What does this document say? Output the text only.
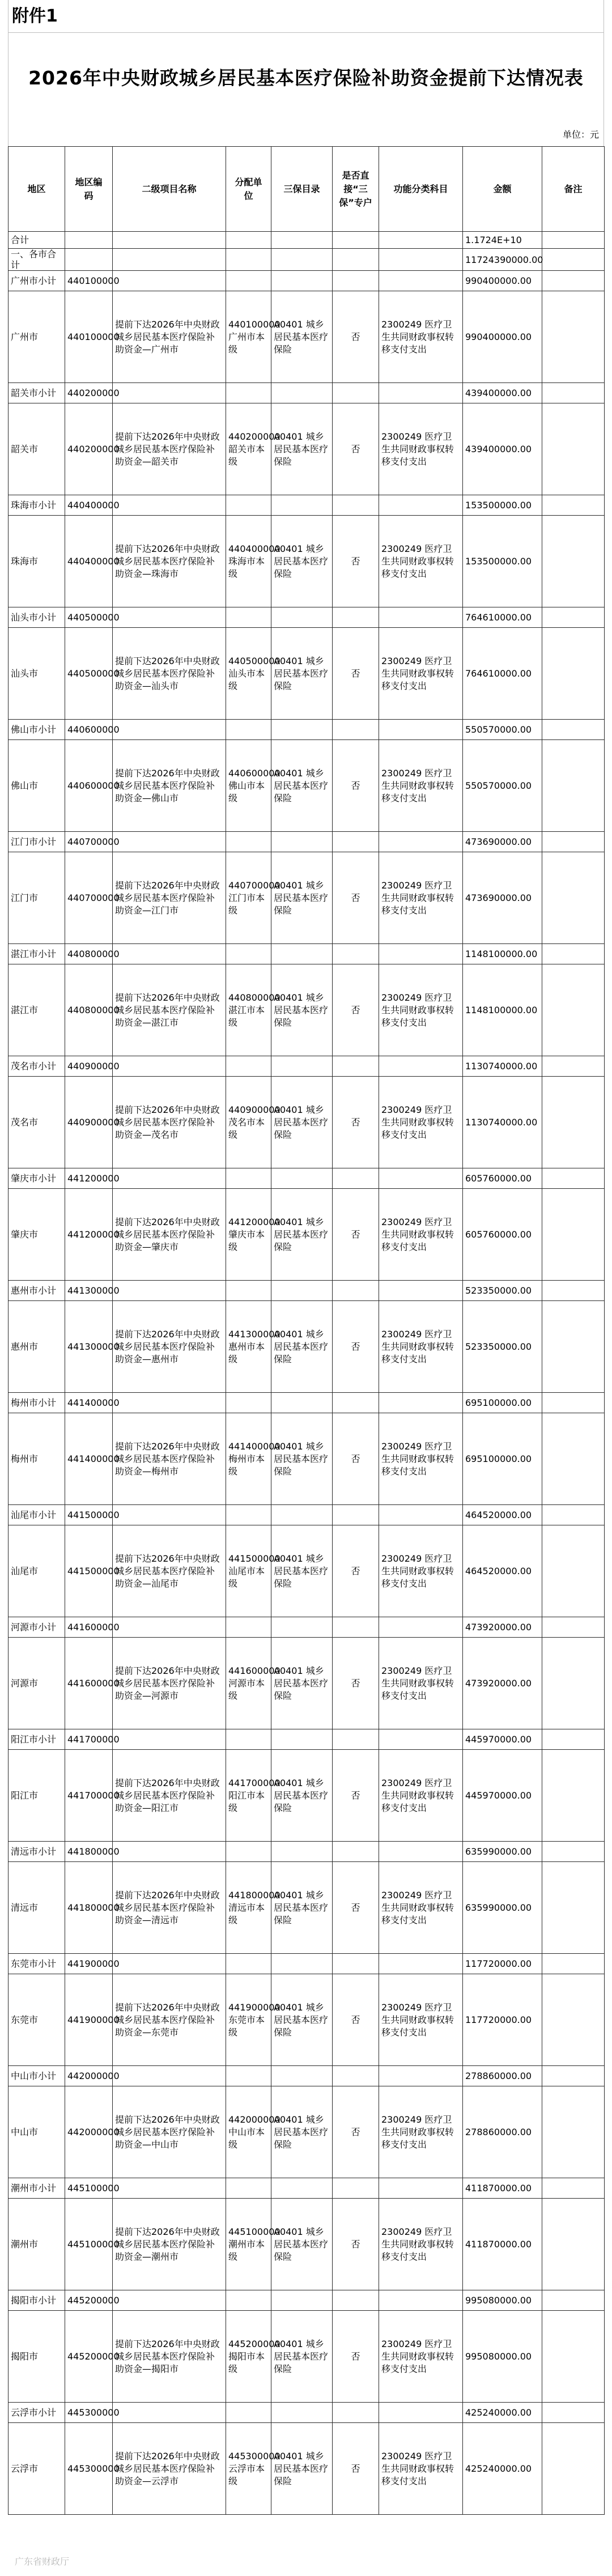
附件1
2026年中央财政城乡居民基本医疗保险补助资金提前下达情况表
单位：元
地区	地区编码	二级项目名称	分配单位	三保目录	是否直接“三保”专户	功能分类科目	金额	备注
合计							1.1724E+10	
一、各市合计							11724390000.00	
广州市小计	440100000						990400000.00	
广州市	440100000	提前下达2026年中央财政城乡居民基本医疗保险补助资金—广州市	440100000 广州市本级	A0401 城乡居民基本医疗保险	否	2300249 医疗卫生共同财政事权转移支付支出	990400000.00	
韶关市小计	440200000						439400000.00	
韶关市	440200000	提前下达2026年中央财政城乡居民基本医疗保险补助资金—韶关市	440200000 韶关市本级	A0401 城乡居民基本医疗保险	否	2300249 医疗卫生共同财政事权转移支付支出	439400000.00	
珠海市小计	440400000						153500000.00	
珠海市	440400000	提前下达2026年中央财政城乡居民基本医疗保险补助资金—珠海市	440400000 珠海市本级	A0401 城乡居民基本医疗保险	否	2300249 医疗卫生共同财政事权转移支付支出	153500000.00	
汕头市小计	440500000						764610000.00	
汕头市	440500000	提前下达2026年中央财政城乡居民基本医疗保险补助资金—汕头市	440500000 汕头市本级	A0401 城乡居民基本医疗保险	否	2300249 医疗卫生共同财政事权转移支付支出	764610000.00	
佛山市小计	440600000						550570000.00	
佛山市	440600000	提前下达2026年中央财政城乡居民基本医疗保险补助资金—佛山市	440600000 佛山市本级	A0401 城乡居民基本医疗保险	否	2300249 医疗卫生共同财政事权转移支付支出	550570000.00	
江门市小计	440700000						473690000.00	
江门市	440700000	提前下达2026年中央财政城乡居民基本医疗保险补助资金—江门市	440700000 江门市本级	A0401 城乡居民基本医疗保险	否	2300249 医疗卫生共同财政事权转移支付支出	473690000.00	
湛江市小计	440800000						1148100000.00	
湛江市	440800000	提前下达2026年中央财政城乡居民基本医疗保险补助资金—湛江市	440800000 湛江市本级	A0401 城乡居民基本医疗保险	否	2300249 医疗卫生共同财政事权转移支付支出	1148100000.00	
茂名市小计	440900000						1130740000.00	
茂名市	440900000	提前下达2026年中央财政城乡居民基本医疗保险补助资金—茂名市	440900000 茂名市本级	A0401 城乡居民基本医疗保险	否	2300249 医疗卫生共同财政事权转移支付支出	1130740000.00	
肇庆市小计	441200000						605760000.00	
肇庆市	441200000	提前下达2026年中央财政城乡居民基本医疗保险补助资金—肇庆市	441200000 肇庆市本级	A0401 城乡居民基本医疗保险	否	2300249 医疗卫生共同财政事权转移支付支出	605760000.00	
惠州市小计	441300000						523350000.00	
惠州市	441300000	提前下达2026年中央财政城乡居民基本医疗保险补助资金—惠州市	441300000 惠州市本级	A0401 城乡居民基本医疗保险	否	2300249 医疗卫生共同财政事权转移支付支出	523350000.00	
梅州市小计	441400000						695100000.00	
梅州市	441400000	提前下达2026年中央财政城乡居民基本医疗保险补助资金—梅州市	441400000 梅州市本级	A0401 城乡居民基本医疗保险	否	2300249 医疗卫生共同财政事权转移支付支出	695100000.00	
汕尾市小计	441500000						464520000.00	
汕尾市	441500000	提前下达2026年中央财政城乡居民基本医疗保险补助资金—汕尾市	441500000 汕尾市本级	A0401 城乡居民基本医疗保险	否	2300249 医疗卫生共同财政事权转移支付支出	464520000.00	
河源市小计	441600000						473920000.00	
河源市	441600000	提前下达2026年中央财政城乡居民基本医疗保险补助资金—河源市	441600000 河源市本级	A0401 城乡居民基本医疗保险	否	2300249 医疗卫生共同财政事权转移支付支出	473920000.00	
阳江市小计	441700000						445970000.00	
阳江市	441700000	提前下达2026年中央财政城乡居民基本医疗保险补助资金—阳江市	441700000 阳江市本级	A0401 城乡居民基本医疗保险	否	2300249 医疗卫生共同财政事权转移支付支出	445970000.00	
清远市小计	441800000						635990000.00	
清远市	441800000	提前下达2026年中央财政城乡居民基本医疗保险补助资金—清远市	441800000 清远市本级	A0401 城乡居民基本医疗保险	否	2300249 医疗卫生共同财政事权转移支付支出	635990000.00	
东莞市小计	441900000						117720000.00	
东莞市	441900000	提前下达2026年中央财政城乡居民基本医疗保险补助资金—东莞市	441900000 东莞市本级	A0401 城乡居民基本医疗保险	否	2300249 医疗卫生共同财政事权转移支付支出	117720000.00	
中山市小计	442000000						278860000.00	
中山市	442000000	提前下达2026年中央财政城乡居民基本医疗保险补助资金—中山市	442000000 中山市本级	A0401 城乡居民基本医疗保险	否	2300249 医疗卫生共同财政事权转移支付支出	278860000.00	
潮州市小计	445100000						411870000.00	
潮州市	445100000	提前下达2026年中央财政城乡居民基本医疗保险补助资金—潮州市	445100000 潮州市本级	A0401 城乡居民基本医疗保险	否	2300249 医疗卫生共同财政事权转移支付支出	411870000.00	
揭阳市小计	445200000						995080000.00	
揭阳市	445200000	提前下达2026年中央财政城乡居民基本医疗保险补助资金—揭阳市	445200000 揭阳市本级	A0401 城乡居民基本医疗保险	否	2300249 医疗卫生共同财政事权转移支付支出	995080000.00	
云浮市小计	445300000						425240000.00	
云浮市	445300000	提前下达2026年中央财政城乡居民基本医疗保险补助资金—云浮市	445300000 云浮市本级	A0401 城乡居民基本医疗保险	否	2300249 医疗卫生共同财政事权转移支付支出	425240000.00	
广东省财政厅
